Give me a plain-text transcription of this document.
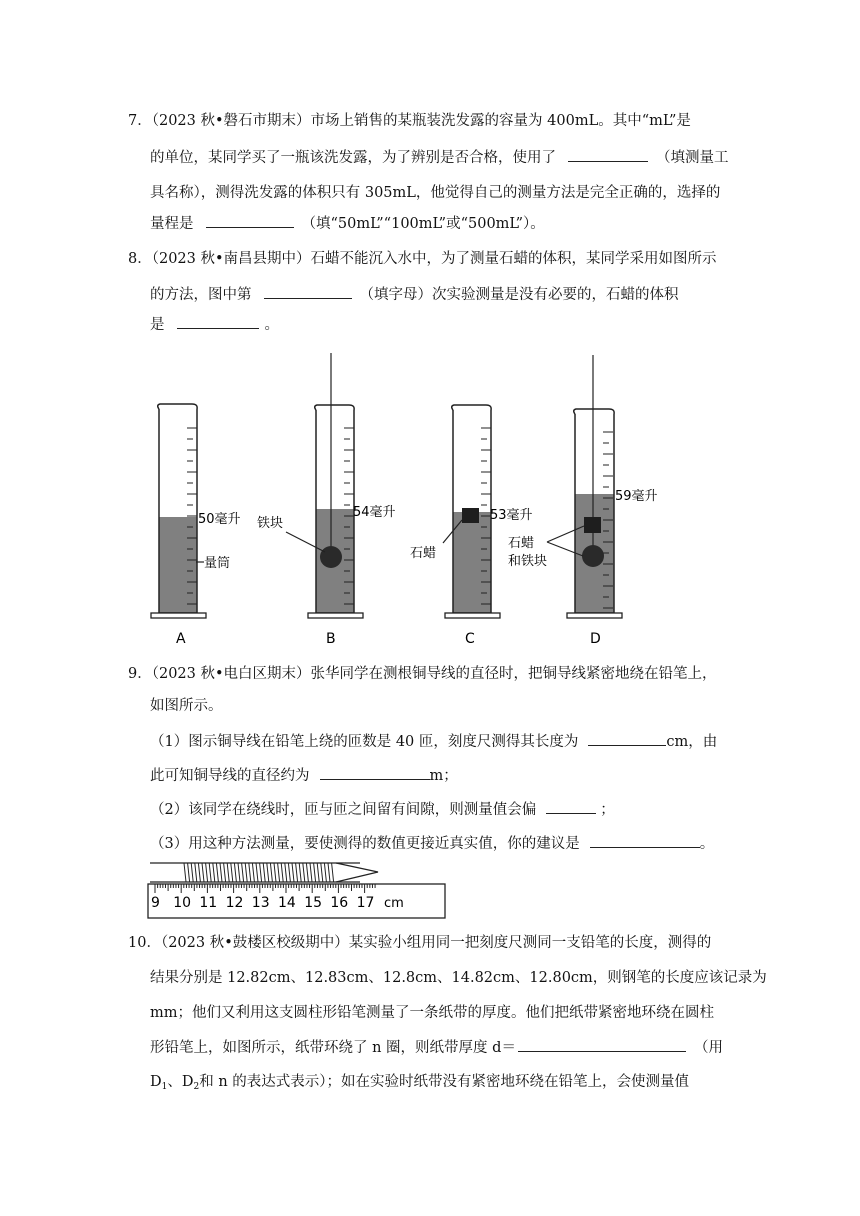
7．（2023 秋•磐石市期末）市场上销售的某瓶装洗发露的容量为 400mL。其中“mL”是
的单位，某同学买了一瓶该洗发露，为了辨别是否合格，使用了	（填测量工
具名称），测得洗发露的体积只有 305mL，他觉得自己的测量方法是完全正确的，选择的
量程是	（填“50mL”“100mL”或“500mL”）。
8．（2023 秋•南昌县期中）石蜡不能沉入水中，为了测量石蜡的体积，某同学采用如图所示
的方法，图中第	（填字母）次实验测量是没有必要的，石蜡的体积
是	。
50毫升
量筒
A
54毫升
铁块
B
53毫升
石蜡
C
59毫升
石蜡
和铁块
D
9．（2023 秋•电白区期末）张华同学在测根铜导线的直径时，把铜导线紧密地绕在铅笔上，
如图所示。
（1）图示铜导线在铅笔上绕的匝数是 40 匝，刻度尺测得其长度为	cm，由
此可知铜导线的直径约为	m；
（2）该同学在绕线时，匝与匝之间留有间隙，则测量值会偏	；
（3）用这种方法测量，要使测得的数值更接近真实值，你的建议是	。
9 10 11 12 13 14 15 16 17 cm
10．（2023 秋•鼓楼区校级期中）某实验小组用同一把刻度尺测同一支铅笔的长度，测得的
结果分别是 12.82cm、12.83cm、12.8cm、14.82cm、12.80cm，则钢笔的长度应该记录为
mm；他们又利用这支圆柱形铅笔测量了一条纸带的厚度。他们把纸带紧密地环绕在圆柱
形铅笔上，如图所示，纸带环绕了 n 圈，则纸带厚度 d＝	（用
$D_1$、$D_2$和 n 的表达式表示）；如在实验时纸带没有紧密地环绕在铅笔上，会使测量值
